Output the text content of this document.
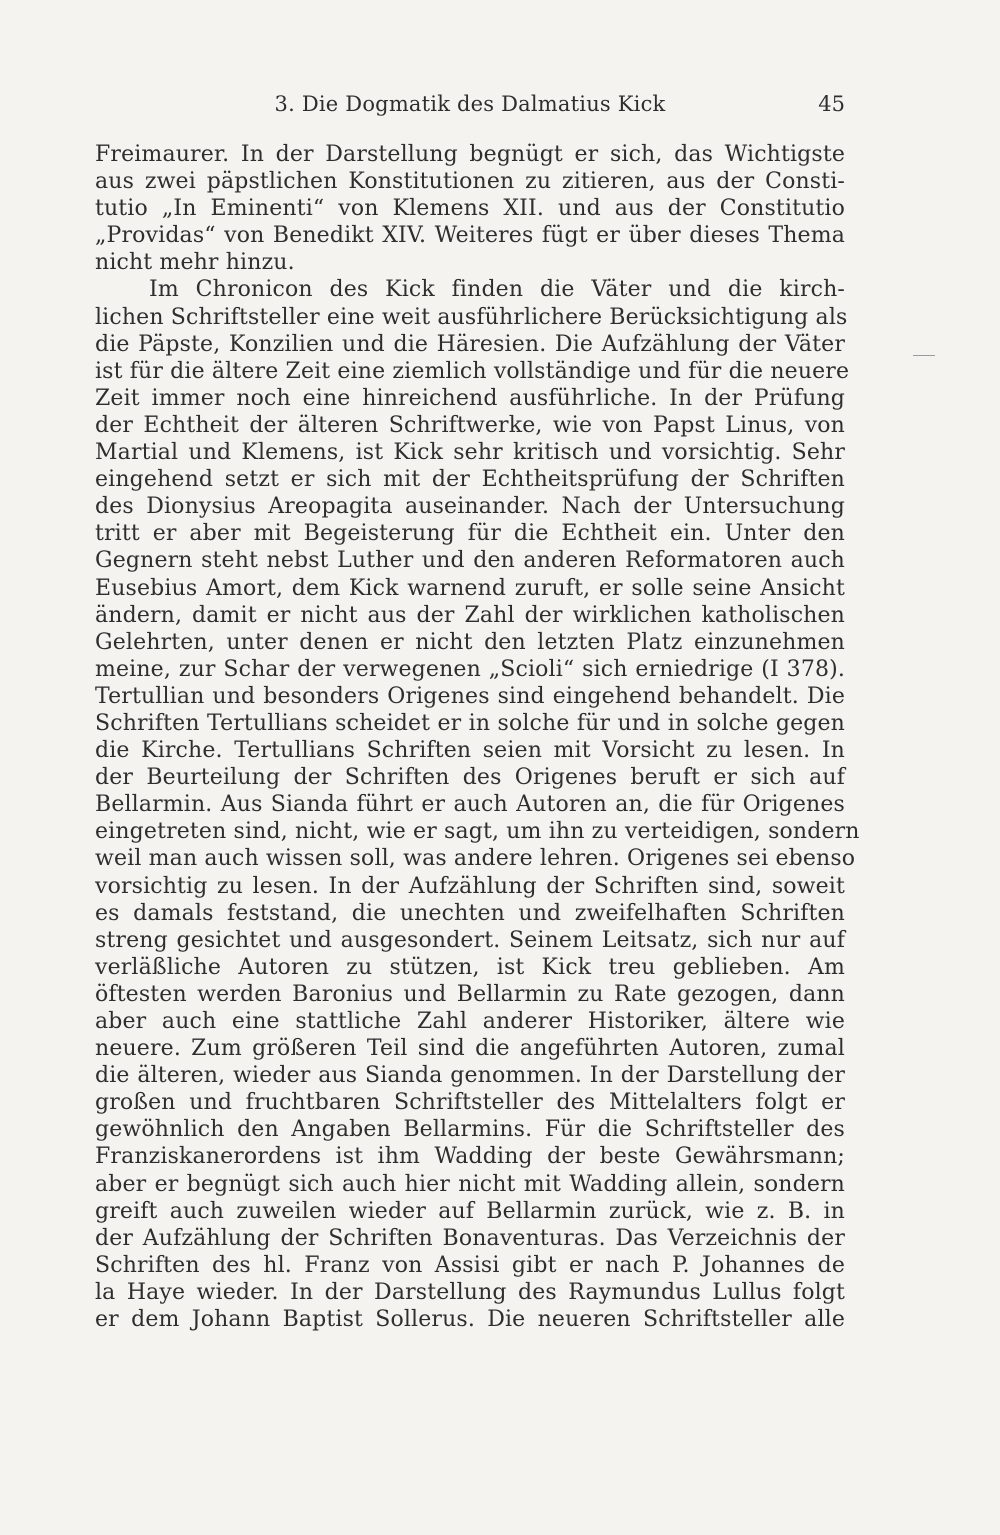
3. Die Dogmatik des Dalmatius Kick	45
Freimaurer. In der Darstellung begnügt er sich, das Wichtigste
aus zwei päpstlichen Konstitutionen zu zitieren, aus der Consti-
tutio „In Eminenti“ von Klemens XII. und aus der Constitutio
„Providas“ von Benedikt XIV. Weiteres fügt er über dieses Thema
nicht mehr hinzu.
Im Chronicon des Kick finden die Väter und die kirch-
lichen Schriftsteller eine weit ausführlichere Berücksichtigung als
die Päpste, Konzilien und die Häresien. Die Aufzählung der Väter
ist für die ältere Zeit eine ziemlich vollständige und für die neuere
Zeit immer noch eine hinreichend ausführliche. In der Prüfung
der Echtheit der älteren Schriftwerke, wie von Papst Linus, von
Martial und Klemens, ist Kick sehr kritisch und vorsichtig. Sehr
eingehend setzt er sich mit der Echtheitsprüfung der Schriften
des Dionysius Areopagita auseinander. Nach der Untersuchung
tritt er aber mit Begeisterung für die Echtheit ein. Unter den
Gegnern steht nebst Luther und den anderen Reformatoren auch
Eusebius Amort, dem Kick warnend zuruft, er solle seine Ansicht
ändern, damit er nicht aus der Zahl der wirklichen katholischen
Gelehrten, unter denen er nicht den letzten Platz einzunehmen
meine, zur Schar der verwegenen „Scioli“ sich erniedrige (I 378).
Tertullian und besonders Origenes sind eingehend behandelt. Die
Schriften Tertullians scheidet er in solche für und in solche gegen
die Kirche. Tertullians Schriften seien mit Vorsicht zu lesen. In
der Beurteilung der Schriften des Origenes beruft er sich auf
Bellarmin. Aus Sianda führt er auch Autoren an, die für Origenes
eingetreten sind, nicht, wie er sagt, um ihn zu verteidigen, sondern
weil man auch wissen soll, was andere lehren. Origenes sei ebenso
vorsichtig zu lesen. In der Aufzählung der Schriften sind, soweit
es damals feststand, die unechten und zweifelhaften Schriften
streng gesichtet und ausgesondert. Seinem Leitsatz, sich nur auf
verläßliche Autoren zu stützen, ist Kick treu geblieben. Am
öftesten werden Baronius und Bellarmin zu Rate gezogen, dann
aber auch eine stattliche Zahl anderer Historiker, ältere wie
neuere. Zum größeren Teil sind die angeführten Autoren, zumal
die älteren, wieder aus Sianda genommen. In der Darstellung der
großen und fruchtbaren Schriftsteller des Mittelalters folgt er
gewöhnlich den Angaben Bellarmins. Für die Schriftsteller des
Franziskanerordens ist ihm Wadding der beste Gewährsmann;
aber er begnügt sich auch hier nicht mit Wadding allein, sondern
greift auch zuweilen wieder auf Bellarmin zurück, wie z. B. in
der Aufzählung der Schriften Bonaventuras. Das Verzeichnis der
Schriften des hl. Franz von Assisi gibt er nach P. Johannes de
la Haye wieder. In der Darstellung des Raymundus Lullus folgt
er dem Johann Baptist Sollerus. Die neueren Schriftsteller alle
